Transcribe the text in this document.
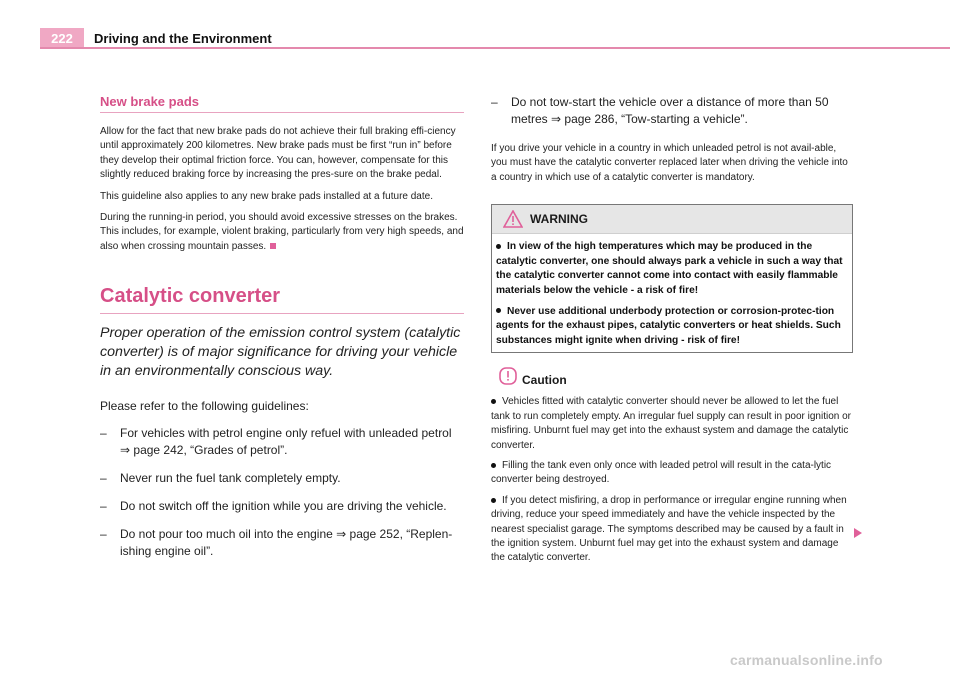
222	Driving and the Environment
New brake pads

Allow for the fact that new brake pads do not achieve their full braking effi-ciency until approximately 200 kilometres. New brake pads must be first “run in” before they develop their optimal friction force. You can, however, compensate for this slightly reduced braking force by increasing the pres-sure on the brake pedal.

This guideline also applies to any new brake pads installed at a future date.

During the running-in period, you should avoid excessive stresses on the brakes. This includes, for example, violent braking, particularly from very high speeds, and also when crossing mountain passes.

Catalytic converter

Proper operation of the emission control system (catalytic converter) is of major significance for driving your vehicle in an environmentally conscious way.

Please refer to the following guidelines:

– For vehicles with petrol engine only refuel with unleaded petrol ⇒ page 242, “Grades of petrol”.

– Never run the fuel tank completely empty.

– Do not switch off the ignition while you are driving the vehicle.

– Do not pour too much oil into the engine ⇒ page 252, “Replen-ishing engine oil”.

– Do not tow-start the vehicle over a distance of more than 50 metres ⇒ page 286, “Tow-starting a vehicle”.

If you drive your vehicle in a country in which unleaded petrol is not avail-able, you must have the catalytic converter replaced later when driving the vehicle into a country in which use of a catalytic converter is mandatory.

WARNING

In view of the high temperatures which may be produced in the catalytic converter, one should always park a vehicle in such a way that the catalytic converter cannot come into contact with easily flammable materials below the vehicle - a risk of fire!

Never use additional underbody protection or corrosion-protec-tion agents for the exhaust pipes, catalytic converters or heat shields. Such substances might ignite when driving - risk of fire!

Caution

Vehicles fitted with catalytic converter should never be allowed to let the fuel tank to run completely empty. An irregular fuel supply can result in poor ignition or misfiring. Unburnt fuel may get into the exhaust system and damage the catalytic converter.

Filling the tank even only once with leaded petrol will result in the cata-lytic converter being destroyed.

If you detect misfiring, a drop in performance or irregular engine running when driving, reduce your speed immediately and have the vehicle inspected by the nearest specialist garage. The symptoms described may be caused by a fault in the ignition system. Unburnt fuel may get into the exhaust system and damage the catalytic converter.

carmanualsonline.info
